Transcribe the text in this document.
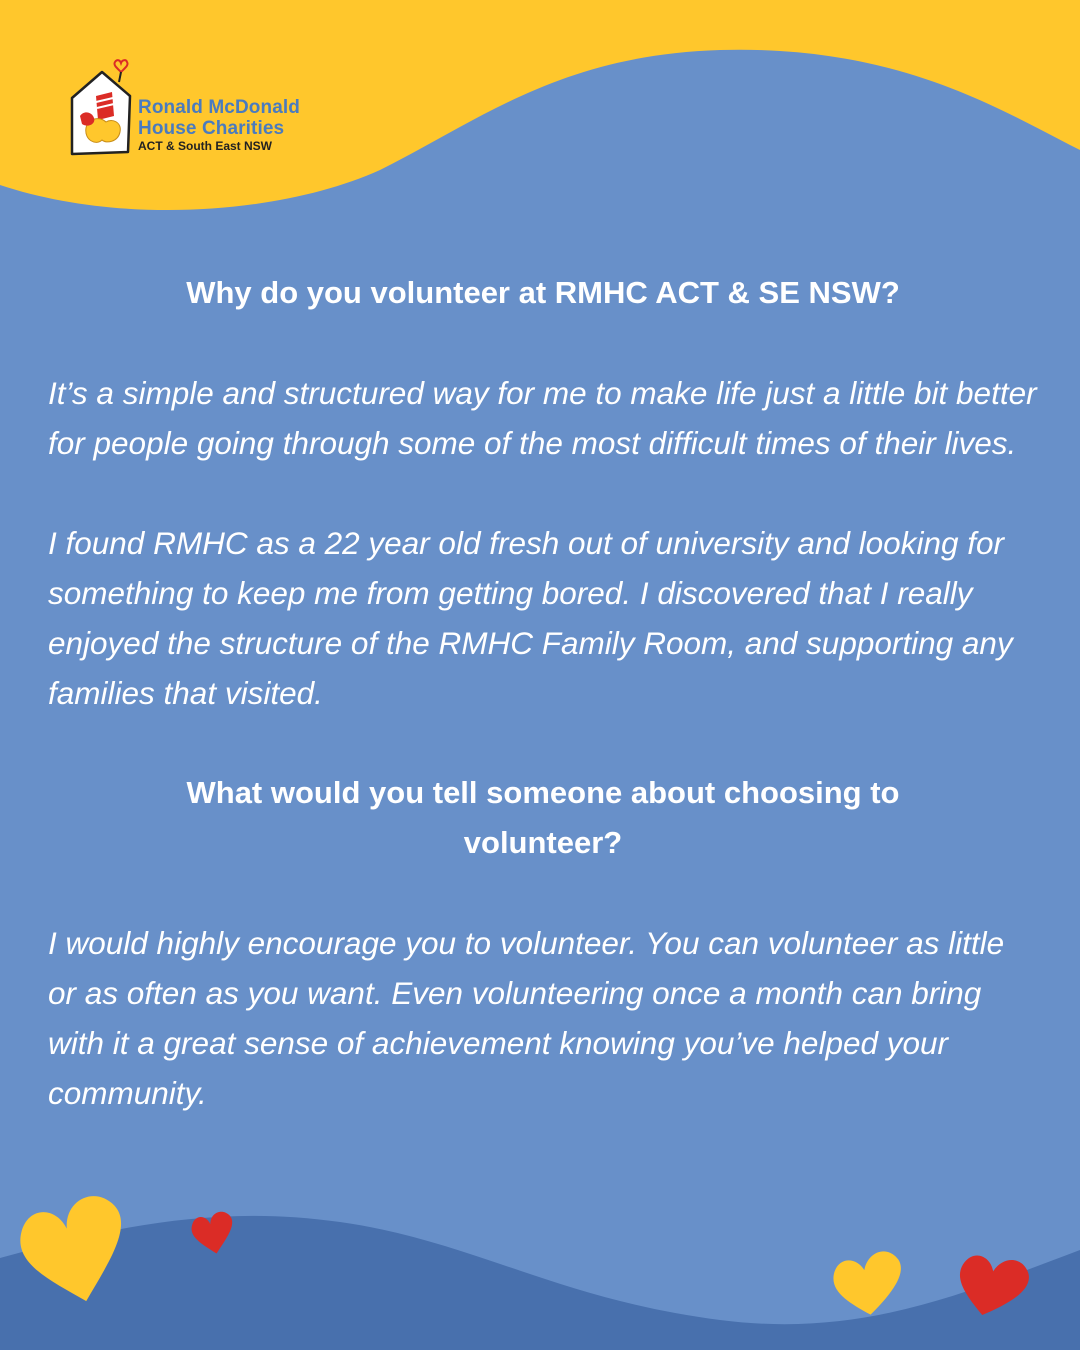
Ronald McDonald
House Charities
ACT & South East NSW
Why do you volunteer at RMHC ACT & SE NSW?

It’s a simple and structured way for me to make life just a little bit better for people going through some of the most difficult times of their lives.

I found RMHC as a 22 year old fresh out of university and looking for something to keep me from getting bored. I discovered that I really enjoyed the structure of the RMHC Family Room, and supporting any families that visited.

What would you tell someone about choosing to volunteer?

I would highly encourage you to volunteer. You can volunteer as little or as often as you want. Even volunteering once a month can bring with it a great sense of achievement knowing you’ve helped your community.
